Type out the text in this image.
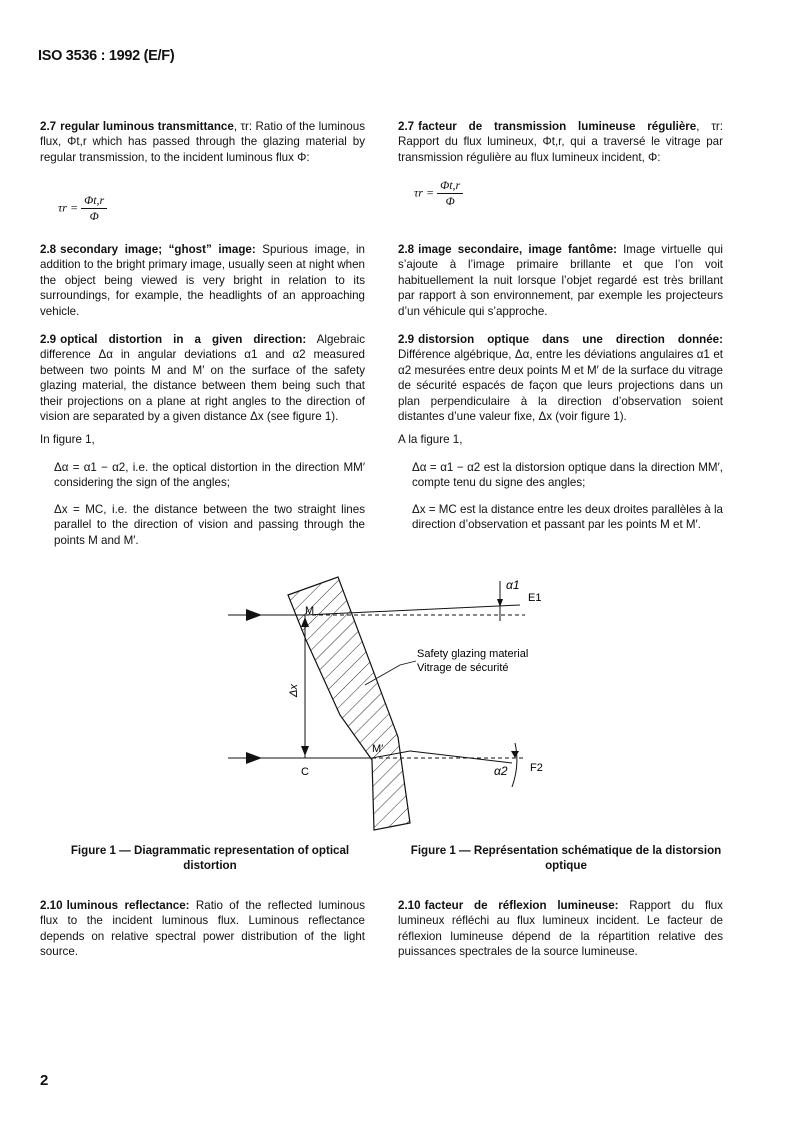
ISO 3536 : 1992 (E/F)
2.7 regular luminous transmittance, τr: Ratio of the luminous flux, Φt,r which has passed through the glazing material by regular transmission, to the incident luminous flux Φ:
$\tau r = \frac{\Phi t,r}{\Phi}$
2.7 facteur de transmission lumineuse régulière, τr: Rapport du flux lumineux, Φt,r, qui a traversé le vitrage par transmission régulière au flux lumineux incident, Φ:
$\tau r = \frac{\Phi t,r}{\Phi}$
2.8 secondary image; “ghost” image: Spurious image, in addition to the bright primary image, usually seen at night when the object being viewed is very bright in relation to its surroundings, for example, the headlights of an approaching vehicle.
2.8 image secondaire, image fantôme: Image virtuelle qui s’ajoute à l’image primaire brillante et que l’on voit habituellement la nuit lorsque l’objet regardé est très brillant par rapport à son environnement, par exemple les projecteurs d’un véhicule qui s’approche.
2.9 optical distortion in a given direction: Algebraic difference Δα in angular deviations α1 and α2 measured between two points M and M′ on the surface of the safety glazing material, the distance between them being such that their projections on a plane at right angles to the direction of vision are separated by a given distance Δx (see figure 1).
2.9 distorsion optique dans une direction donnée: Différence algébrique, Δα, entre les déviations angulaires α1 et α2 mesurées entre deux points M et M′ de la surface du vitrage de sécurité espacés de façon que leurs projections dans un plan perpendiculaire à la direction d’observation soient distantes d’une valeur fixe, Δx (voir figure 1).
In figure 1,	A la figure 1,
Δα = α1 − α2, i.e. the optical distortion in the direction MM′ considering the sign of the angles;
Δα = α1 − α2 est la distorsion optique dans la direction MM′, compte tenu du signe des angles;
Δx = MC, i.e. the distance between the two straight lines parallel to the direction of vision and passing through the points M and M′.
Δx = MC est la distance entre les deux droites parallèles à la direction d’observation et passant par les points M et M′.
M
M′
C
Δx
α1
E1
α2 F2
Safety glazing material
Vitrage de sécurité
Figure 1 — Diagrammatic representation of optical
distortion
Figure 1 — Représentation schématique de la distorsion
optique
2.10 luminous reflectance: Ratio of the reflected luminous flux to the incident luminous flux. Luminous reflectance depends on relative spectral power distribution of the light source.
2.10 facteur de réflexion lumineuse: Rapport du flux lumineux réfléchi au flux lumineux incident. Le facteur de réflexion lumineuse dépend de la répartition relative des puissances spectrales de la source lumineuse.
2
